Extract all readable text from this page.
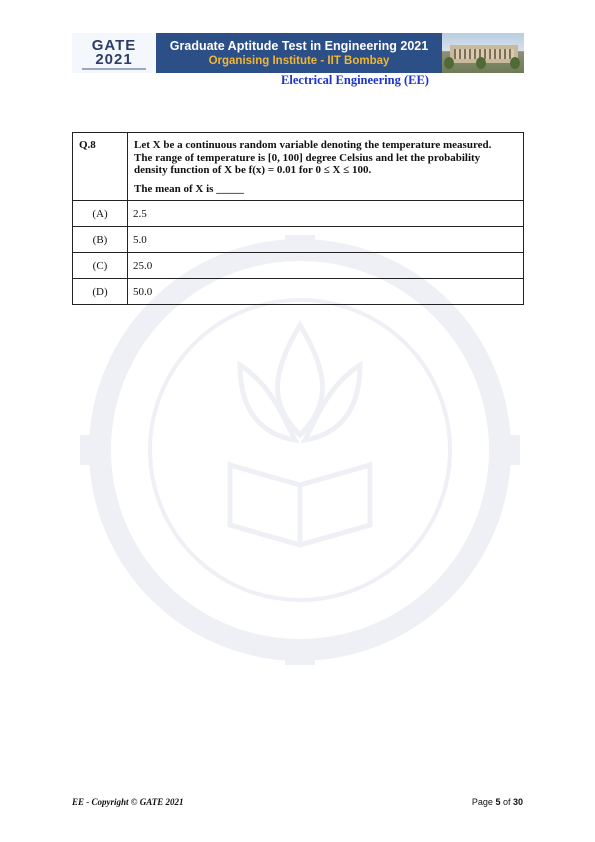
GATE
2021
Graduate Aptitude Test in Engineering 2021
Organising Institute - IIT Bombay
Electrical Engineering (EE)
Q.8	Let X be a continuous random variable denoting the temperature measured.
The range of temperature is [0, 100] degree Celsius and let the probability
density function of X be f(x) = 0.01 for 0 ≤ X ≤ 100.
The mean of X is _____

(A)	2.5
(B)	5.0
(C)	25.0
(D)	50.0
EE - Copyright © GATE 2021	Page 5 of 30
